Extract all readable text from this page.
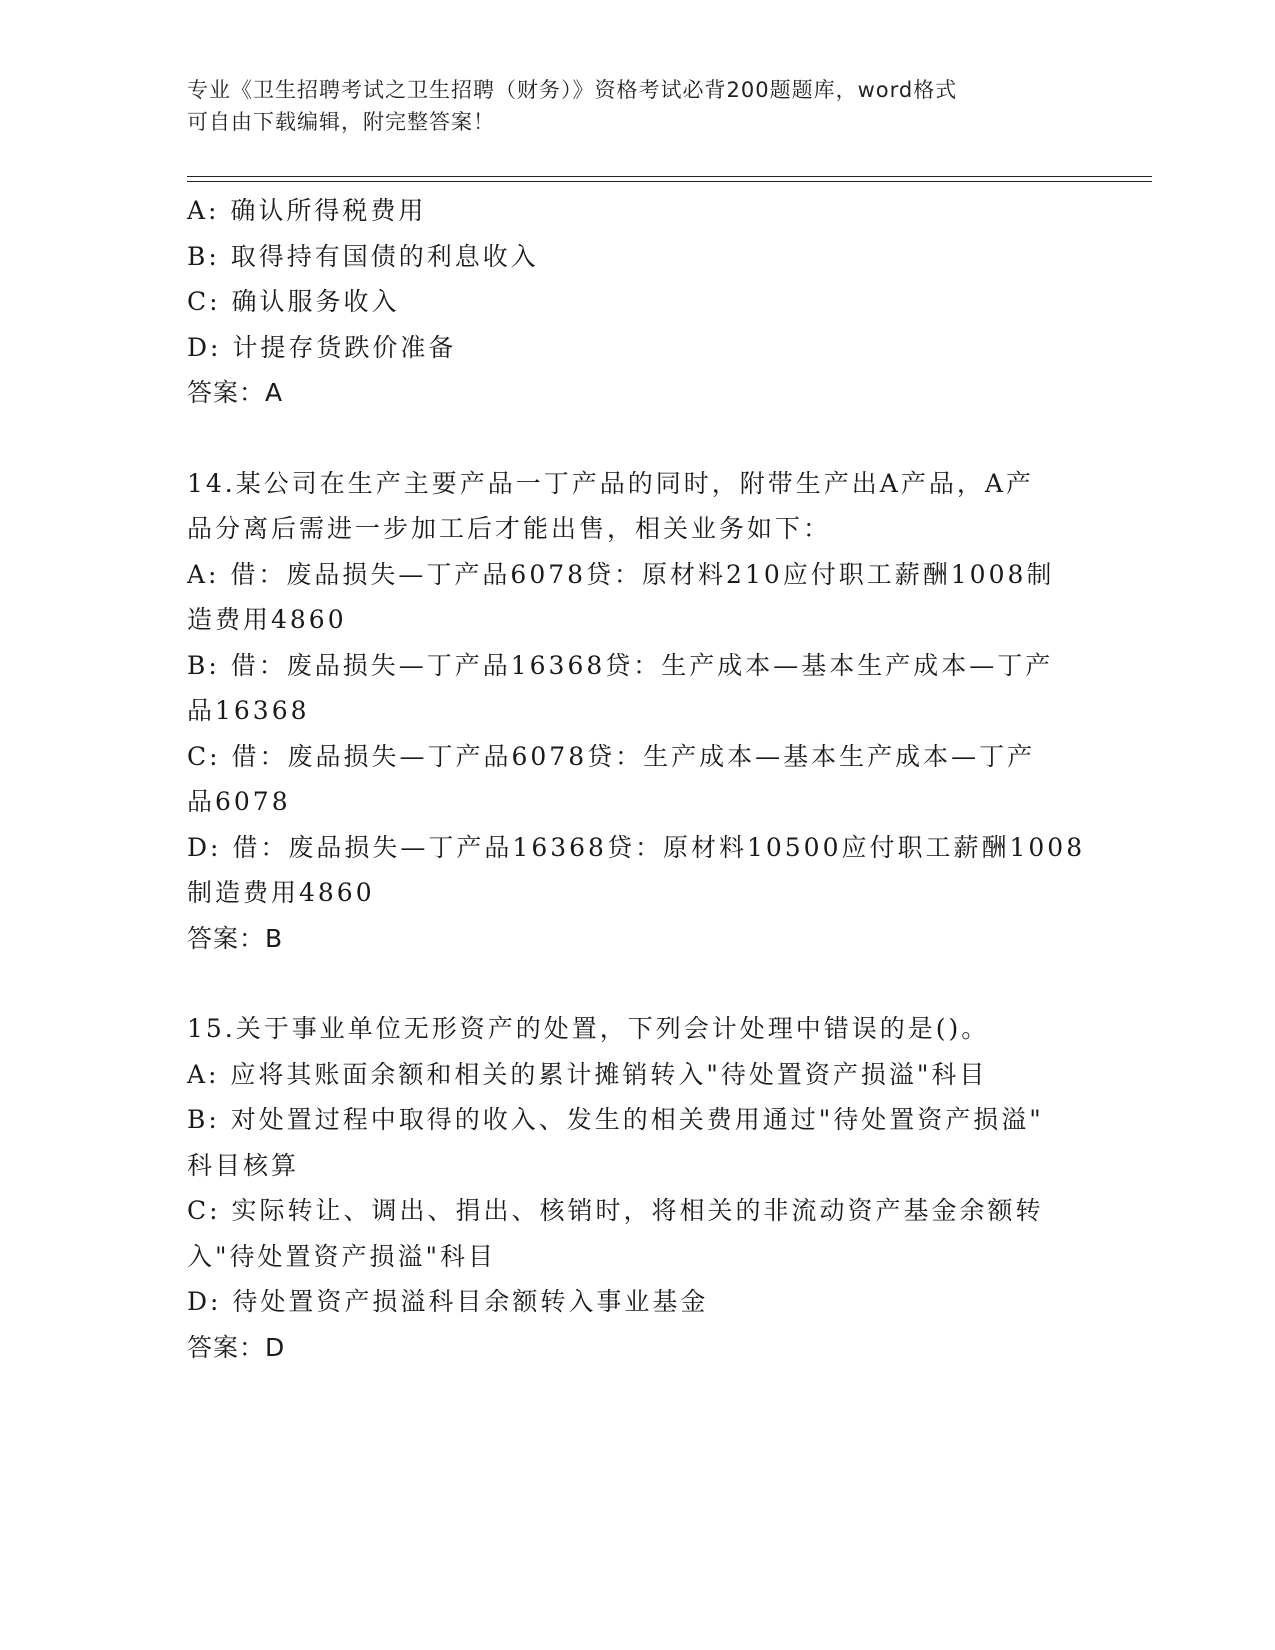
专业《卫生招聘考试之卫生招聘（财务）》资格考试必背200题题库，word格式
可自由下载编辑，附完整答案！
A: 确认所得税费用
B: 取得持有国债的利息收入
C: 确认服务收入
D: 计提存货跌价准备
答案：A
14.某公司在生产主要产品一丁产品的同时，附带生产出A产品，A产
品分离后需进一步加工后才能出售，相关业务如下：
A: 借：废品损失—丁产品6078贷：原材料210应付职工薪酬1008制
造费用4860
B: 借：废品损失—丁产品16368贷：生产成本—基本生产成本—丁产
品16368
C: 借：废品损失—丁产品6078贷：生产成本—基本生产成本—丁产
品6078
D: 借：废品损失—丁产品16368贷：原材料10500应付职工薪酬1008
制造费用4860
答案：B
15.关于事业单位无形资产的处置，下列会计处理中错误的是()。
A: 应将其账面余额和相关的累计摊销转入"待处置资产损溢"科目
B: 对处置过程中取得的收入、发生的相关费用通过"待处置资产损溢"
科目核算
C: 实际转让、调出、捐出、核销时，将相关的非流动资产基金余额转
入"待处置资产损溢"科目
D: 待处置资产损溢科目余额转入事业基金
答案：D
